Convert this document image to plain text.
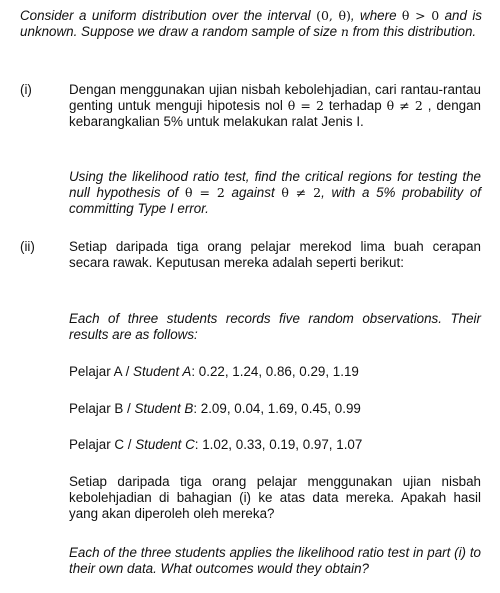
Consider a uniform distribution over the interval (0, θ), where θ > 0 and is unknown. Suppose we draw a random sample of size n from this distribution.
(i)	Dengan menggunakan ujian nisbah kebolehjadian, cari rantau-rantau genting untuk menguji hipotesis nol θ = 2 terhadap θ ≠ 2 , dengan kebarangkalian 5% untuk melakukan ralat Jenis I.
Using the likelihood ratio test, find the critical regions for testing the null hypothesis of θ = 2 against θ ≠ 2, with a 5% probability of committing Type I error.
(ii)	Setiap daripada tiga orang pelajar merekod lima buah cerapan secara rawak. Keputusan mereka adalah seperti berikut:
Each of three students records five random observations. Their results are as follows:
Pelajar A / Student A: 0.22, 1.24, 0.86, 0.29, 1.19
Pelajar B / Student B: 2.09, 0.04, 1.69, 0.45, 0.99
Pelajar C / Student C: 1.02, 0.33, 0.19, 0.97, 1.07
Setiap daripada tiga orang pelajar menggunakan ujian nisbah kebolehjadian di bahagian (i) ke atas data mereka. Apakah hasil yang akan diperoleh oleh mereka?
Each of the three students applies the likelihood ratio test in part (i) to their own data. What outcomes would they obtain?
